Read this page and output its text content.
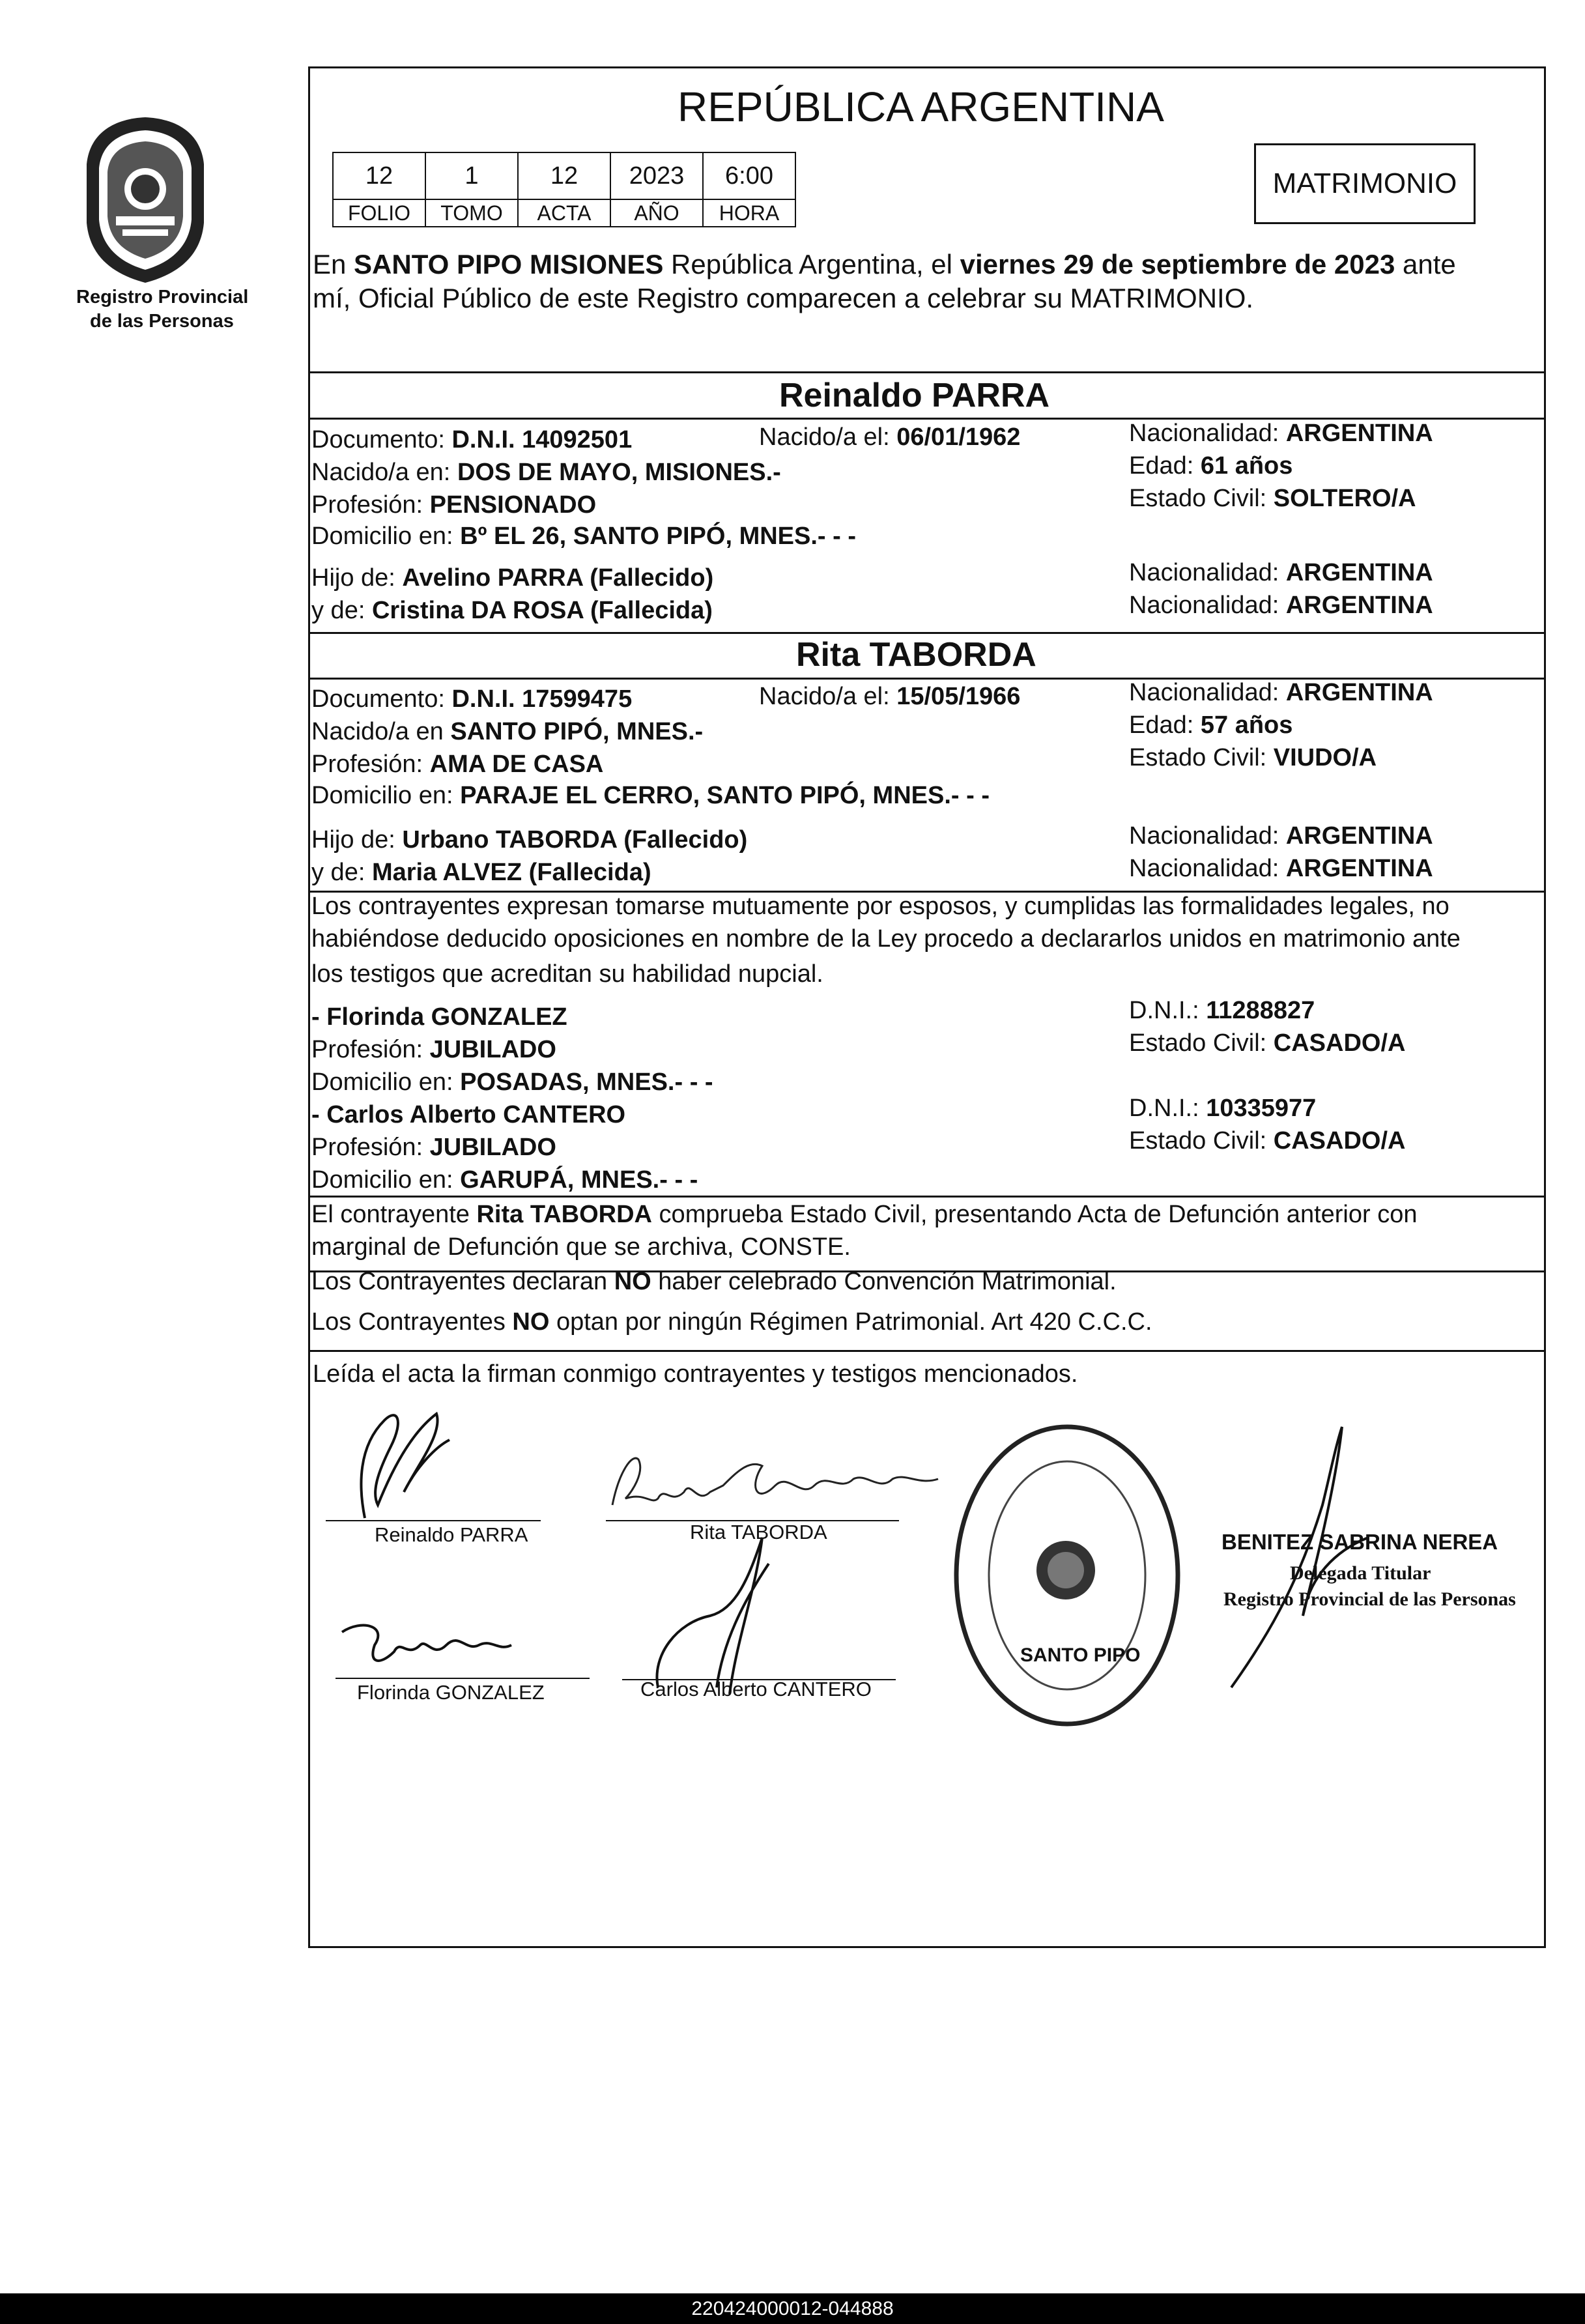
Registro Provincial
de las Personas
REPÚBLICA ARGENTINA
12	1	12	2023	6:00
FOLIO	TOMO	ACTA	AÑO	HORA
MATRIMONIO
En SANTO PIPO MISIONES República Argentina, el viernes 29 de septiembre de 2023 ante
mí, Oficial Público de este Registro comparecen a celebrar su MATRIMONIO.
Reinaldo PARRA
Documento: D.N.I. 14092501	Nacido/a el: 06/01/1962
Nacido/a en: DOS DE MAYO, MISIONES.-
Profesión: PENSIONADO
Domicilio en: Bº EL 26, SANTO PIPÓ, MNES.- - -
Nacionalidad: ARGENTINA
Edad: 61 años
Estado Civil: SOLTERO/A
Hijo de: Avelino PARRA (Fallecido)
y de: Cristina DA ROSA (Fallecida)
Nacionalidad: ARGENTINA
Nacionalidad: ARGENTINA
Rita TABORDA
Documento: D.N.I. 17599475	Nacido/a el: 15/05/1966
Nacido/a en SANTO PIPÓ, MNES.-
Profesión: AMA DE CASA
Domicilio en: PARAJE EL CERRO, SANTO PIPÓ, MNES.- - -
Nacionalidad: ARGENTINA
Edad: 57 años
Estado Civil: VIUDO/A
Hijo de: Urbano TABORDA (Fallecido)
y de: Maria ALVEZ (Fallecida)
Nacionalidad: ARGENTINA
Nacionalidad: ARGENTINA
Los contrayentes expresan tomarse mutuamente por esposos, y cumplidas las formalidades legales, no
habiéndose deducido oposiciones en nombre de la Ley procedo a declararlos unidos en matrimonio ante
los testigos que acreditan su habilidad nupcial.
- Florinda GONZALEZ
Profesión: JUBILADO
Domicilio en: POSADAS, MNES.- - -
D.N.I.: 11288827
Estado Civil: CASADO/A
- Carlos Alberto CANTERO
Profesión: JUBILADO
Domicilio en: GARUPÁ, MNES.- - -
D.N.I.: 10335977
Estado Civil: CASADO/A
El contrayente Rita TABORDA comprueba Estado Civil, presentando Acta de Defunción anterior con
marginal de Defunción que se archiva, CONSTE.
Los Contrayentes declaran NO haber celebrado Convención Matrimonial.
Los Contrayentes NO optan por ningún Régimen Patrimonial. Art 420 C.C.C.
Leída el acta la firman conmigo contrayentes y testigos mencionados.
Reinaldo PARRA	Rita TABORDA
Florinda GONZALEZ	Carlos Alberto CANTERO
SANTO PIPO
BENITEZ SABRINA NEREA
Delegada Titular
Registro Provincial de las Personas
220424000012-044888
